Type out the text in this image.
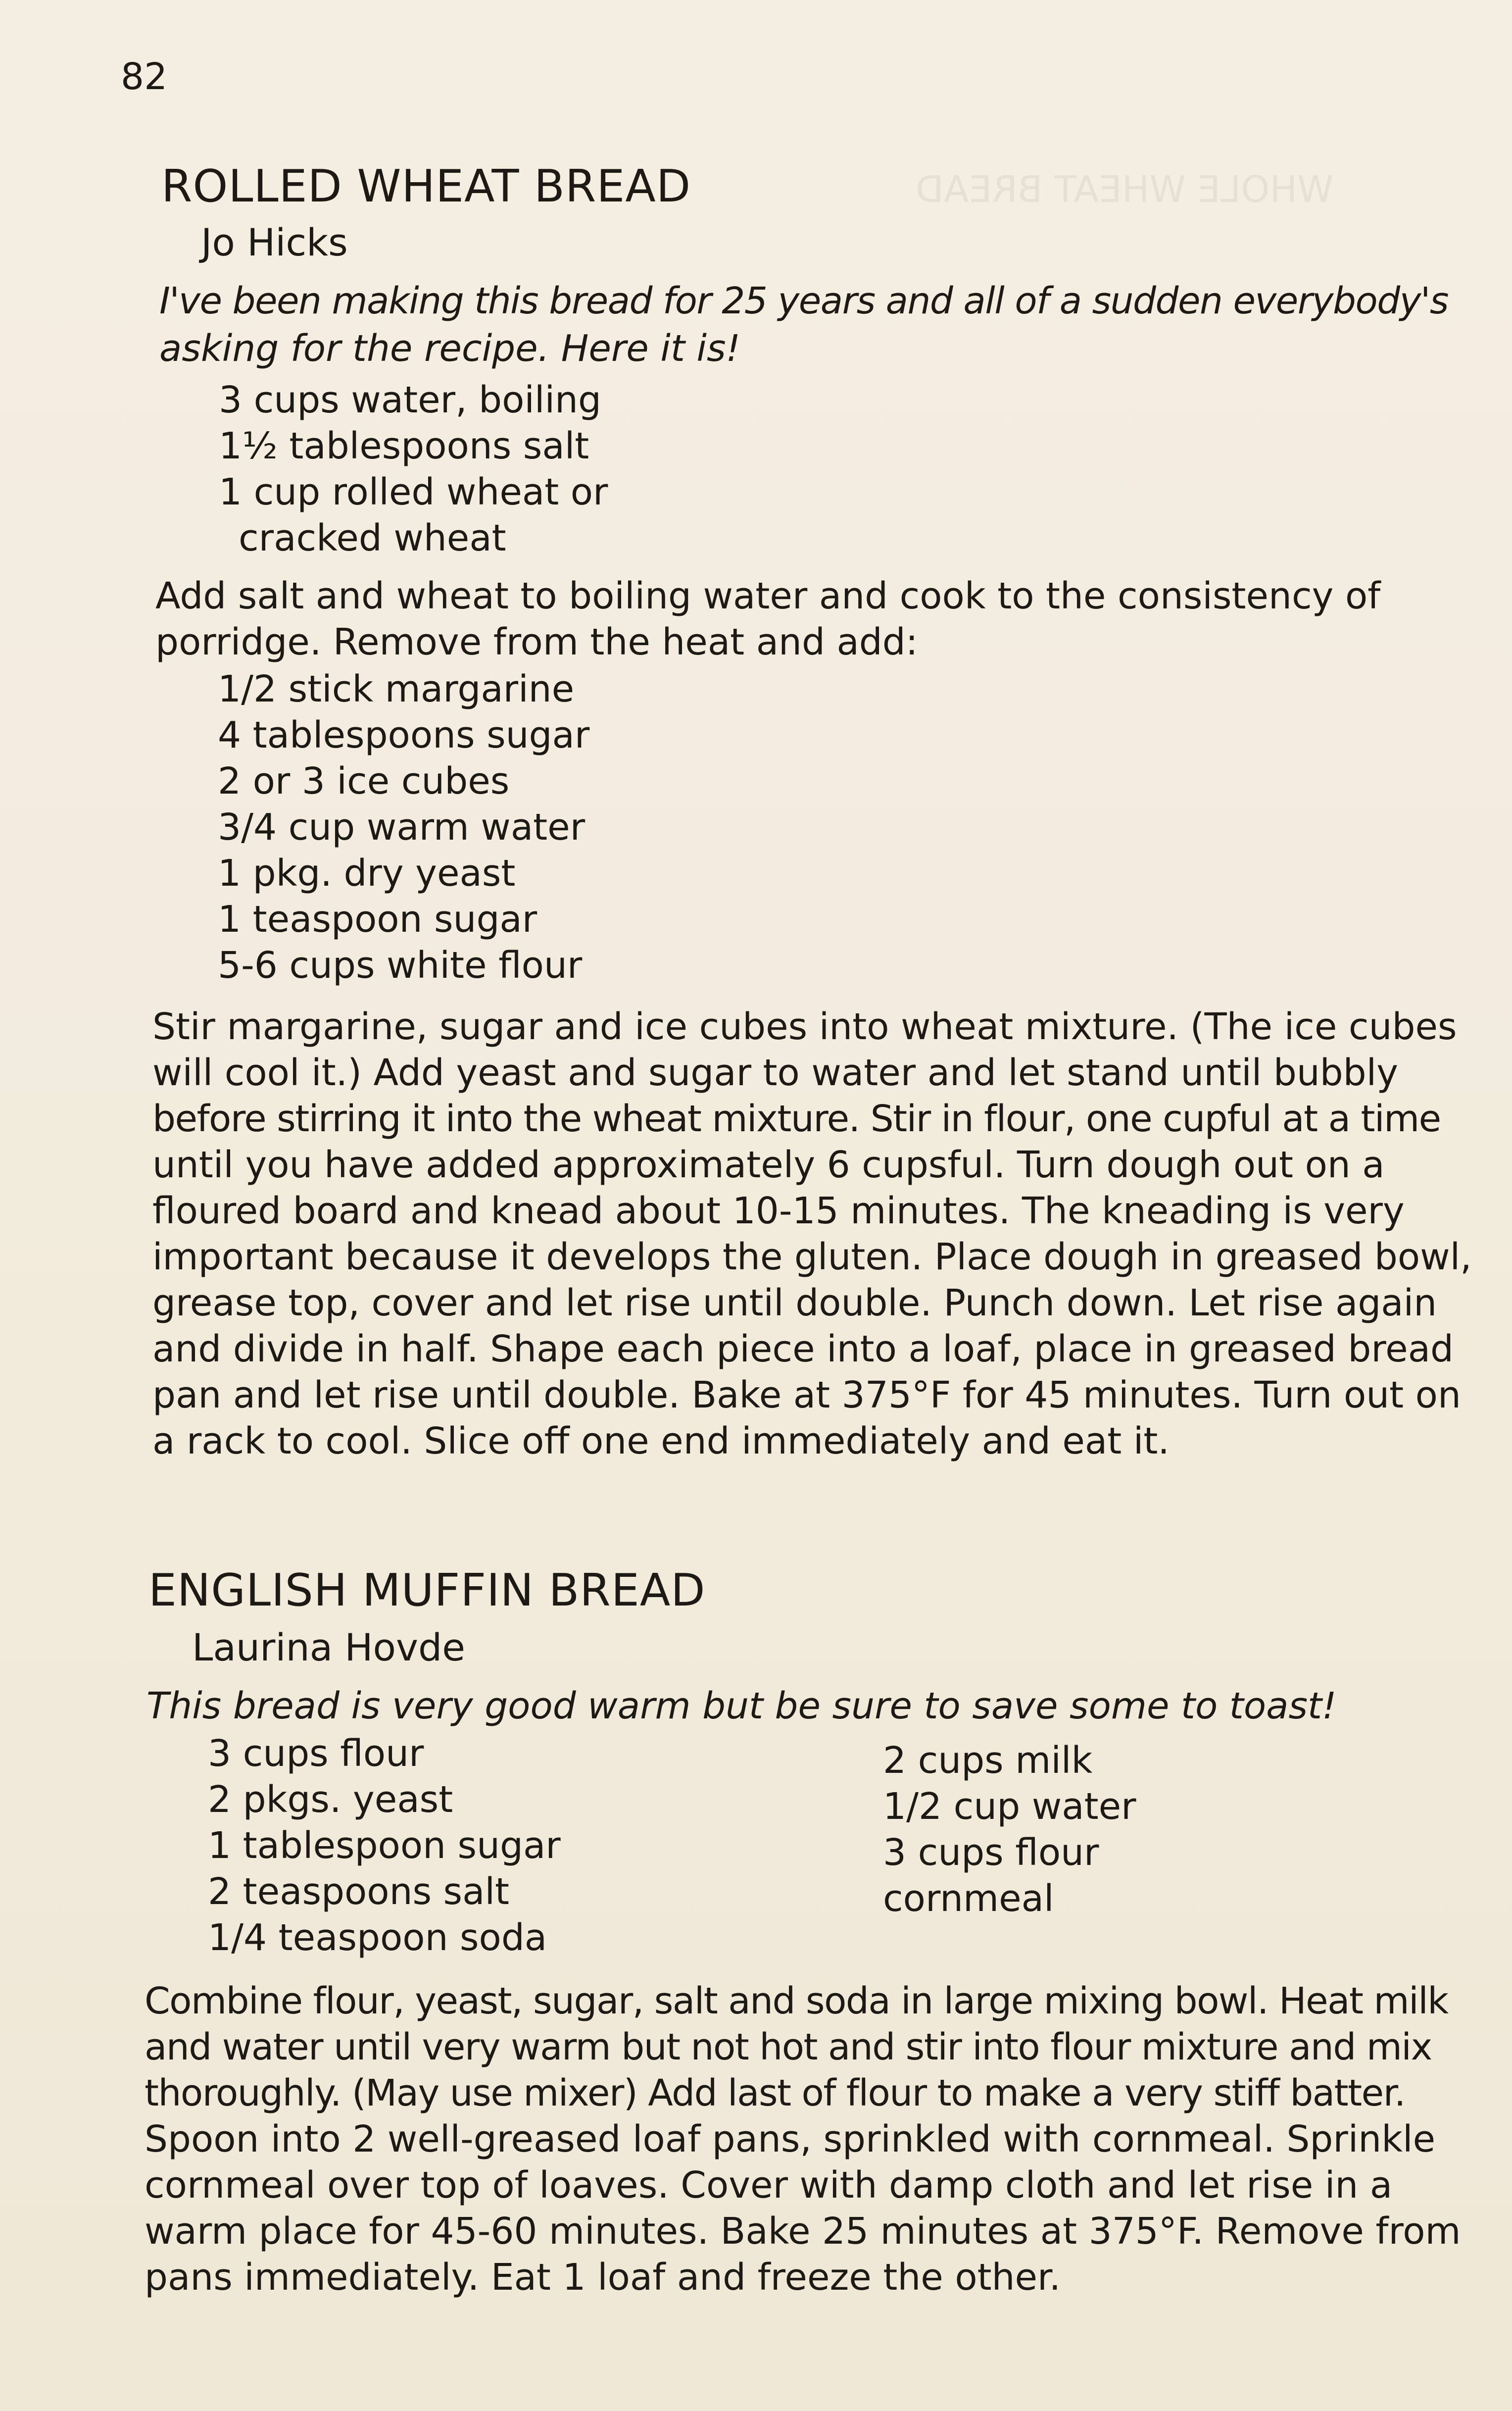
WHOLE WHEAT BREAD
82
ROLLED WHEAT BREAD
Jo Hicks
I've been making this bread for 25 years and all of a sudden everybody's
asking for the recipe. Here it is!
3 cups water, boiling
1½ tablespoons salt
1 cup rolled wheat or
cracked wheat
Add salt and wheat to boiling water and cook to the consistency of
porridge. Remove from the heat and add:
1/2 stick margarine
4 tablespoons sugar
2 or 3 ice cubes
3/4 cup warm water
1 pkg. dry yeast
1 teaspoon sugar
5-6 cups white flour
Stir margarine, sugar and ice cubes into wheat mixture. (The ice cubes
will cool it.) Add yeast and sugar to water and let stand until bubbly
before stirring it into the wheat mixture. Stir in flour, one cupful at a time
until you have added approximately 6 cupsful. Turn dough out on a
floured board and knead about 10-15 minutes. The kneading is very
important because it develops the gluten. Place dough in greased bowl,
grease top, cover and let rise until double. Punch down. Let rise again
and divide in half. Shape each piece into a loaf, place in greased bread
pan and let rise until double. Bake at 375°F for 45 minutes. Turn out on
a rack to cool. Slice off one end immediately and eat it.
ENGLISH MUFFIN BREAD
Laurina Hovde
This bread is very good warm but be sure to save some to toast!
3 cups flour
2 pkgs. yeast
1 tablespoon sugar
2 teaspoons salt
1/4 teaspoon soda
2 cups milk
1/2 cup water
3 cups flour
cornmeal
Combine flour, yeast, sugar, salt and soda in large mixing bowl. Heat milk
and water until very warm but not hot and stir into flour mixture and mix
thoroughly. (May use mixer) Add last of flour to make a very stiff batter.
Spoon into 2 well-greased loaf pans, sprinkled with cornmeal. Sprinkle
cornmeal over top of loaves. Cover with damp cloth and let rise in a
warm place for 45-60 minutes. Bake 25 minutes at 375°F. Remove from
pans immediately. Eat 1 loaf and freeze the other.
